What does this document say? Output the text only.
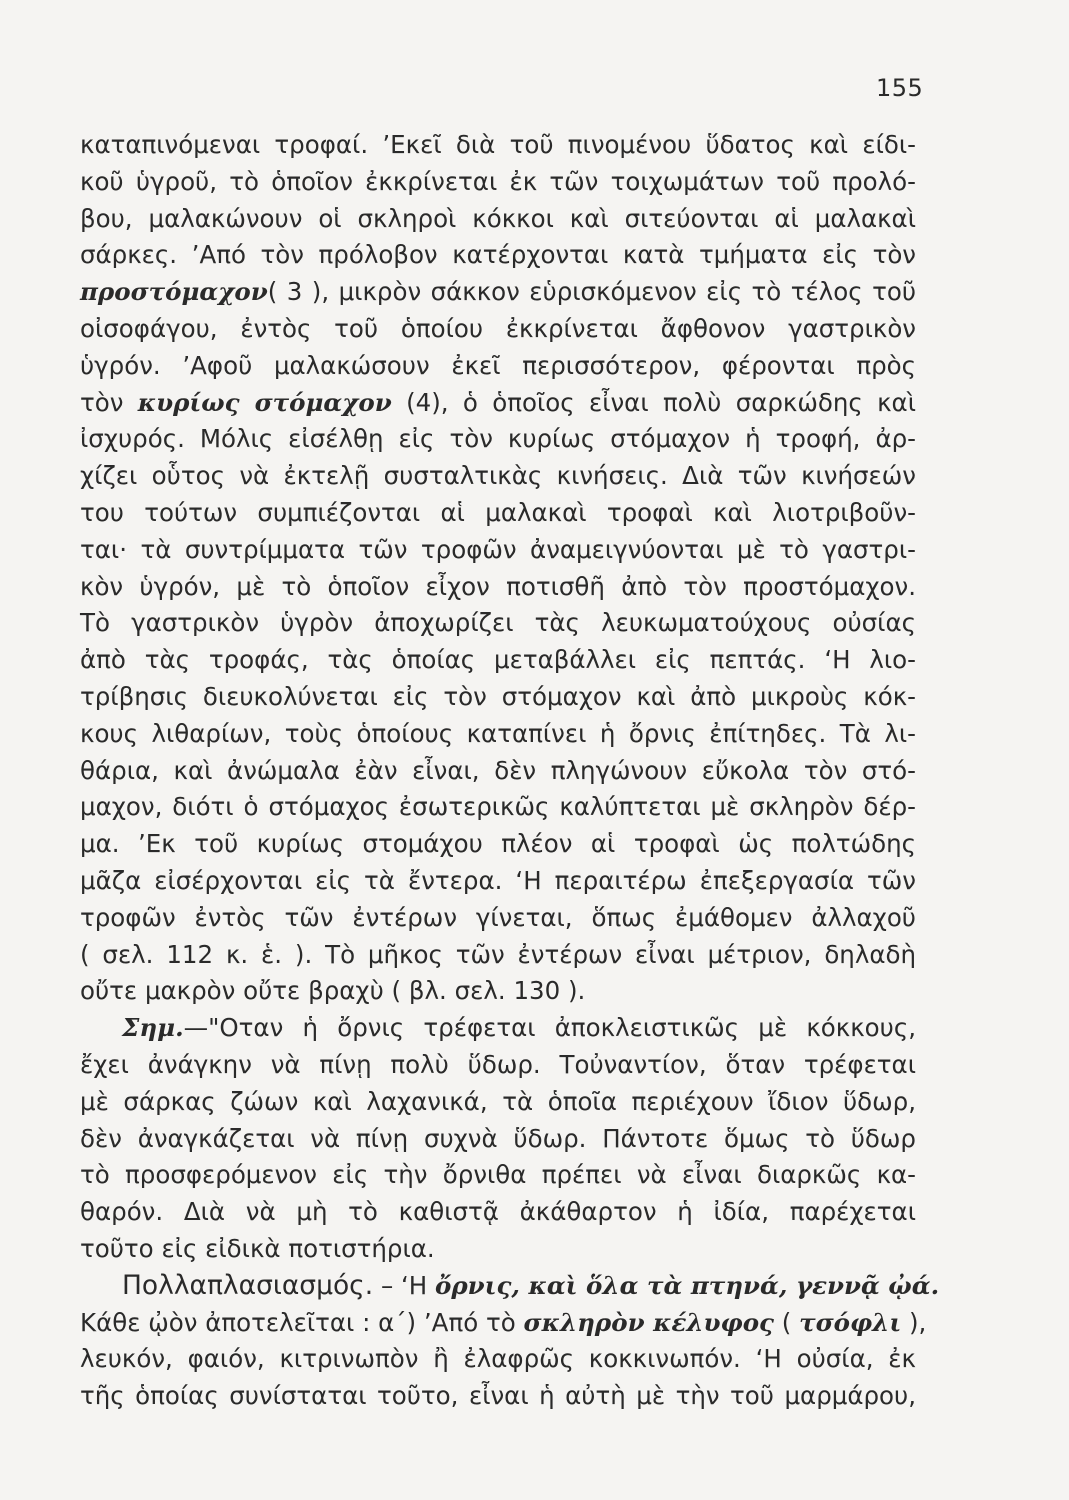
155
καταπινόμεναι τροφαί. ’Εκεῖ διὰ τοῦ πινομένου ὕδατος καὶ είδι-
κοῦ ὑγροῦ, τὸ ὁποῖον ἐκκρίνεται ἐκ τῶν τοιχωμάτων τοῦ προλό-
βου, μαλακώνουν οἱ σκληροὶ κόκκοι καὶ σιτεύονται αἱ μαλακαὶ
σάρκες. ’Από τὸν πρόλοβον κατέρχονται κατὰ τμήματα εἰς τὸν
προστόμαχον( 3 ), μικρὸν σάκκον εὑρισκόμενον εἰς τὸ τέλος τοῦ
οἰσοφάγου, ἐντὸς τοῦ ὁποίου ἐκκρίνεται ἄφθονον γαστρικὸν
ὑγρόν. ’Αφοῦ μαλακώσουν ἐκεῖ περισσότερον, φέρονται πρὸς
τὸν κυρίως στόμαχον (4), ὁ ὁποῖος εἶναι πολὺ σαρκώδης καὶ
ἰσχυρός. Μόλις εἰσέλθῃ εἰς τὸν κυρίως στόμαχον ἡ τροφή, ἀρ-
χίζει οὗτος νὰ ἐκτελῇ συσταλτικὰς κινήσεις. Διὰ τῶν κινήσεών
του τούτων συμπιέζονται αἱ μαλακαὶ τροφαὶ καὶ λιοτριβοῦν-
ται· τὰ συντρίμματα τῶν τροφῶν ἀναμειγνύονται μὲ τὸ γαστρι-
κὸν ὑγρόν, μὲ τὸ ὁποῖον εἶχον ποτισθῆ ἀπὸ τὸν προστόμαχον.
Τὸ γαστρικὸν ὑγρὸν ἀποχωρίζει τὰς λευκωματούχους οὐσίας
ἀπὸ τὰς τροφάς, τὰς ὁποίας μεταβάλλει εἰς πεπτάς. ‘Η λιο-
τρίβησις διευκολύνεται εἰς τὸν στόμαχον καὶ ἀπὸ μικροὺς κόκ-
κους λιθαρίων, τοὺς ὁποίους καταπίνει ἡ ὄρνις ἐπίτηδες. Τὰ λι-
θάρια, καὶ ἀνώμαλα ἐὰν εἶναι, δὲν πληγώνουν εὔκολα τὸν στό-
μαχον, διότι ὁ στόμαχος ἐσωτερικῶς καλύπτεται μὲ σκληρὸν δέρ-
μα. ’Εκ τοῦ κυρίως στομάχου πλέον αἱ τροφαὶ ὡς πολτώδης
μᾶζα εἰσέρχονται εἰς τὰ ἔντερα. ‘Η περαιτέρω ἐπεξεργασία τῶν
τροφῶν ἐντὸς τῶν ἐντέρων γίνεται, ὅπως ἐμάθομεν ἀλλαχοῦ
( σελ. 112 κ. ἑ. ). Τὸ μῆκος τῶν ἐντέρων εἶναι μέτριον, δηλαδὴ
οὔτε μακρὸν οὔτε βραχὺ ( βλ. σελ. 130 ).
Σημ.—"Οταν ἡ ὄρνις τρέφεται ἀποκλειστικῶς μὲ κόκκους,
ἔχει ἀνάγκην νὰ πίνῃ πολὺ ὕδωρ. Τοὐναντίον, ὅταν τρέφεται
μὲ σάρκας ζώων καὶ λαχανικά, τὰ ὁποῖα περιέχουν ἴδιον ὕδωρ,
δὲν ἀναγκάζεται νὰ πίνῃ συχνὰ ὕδωρ. Πάντοτε ὅμως τὸ ὕδωρ
τὸ προσφερόμενον εἰς τὴν ὄρνιθα πρέπει νὰ εἶναι διαρκῶς κα-
θαρόν. Διὰ νὰ μὴ τὸ καθιστᾷ ἀκάθαρτον ἡ ἰδία, παρέχεται
τοῦτο εἰς εἰδικὰ ποτιστήρια.
Πολλαπλασιασμός. – ‘Η ὄρνις, καὶ ὅλα τὰ πτηνά, γεννᾷ ᾠά.
Κάθε ᾠὸν ἀποτελεῖται : α΄) ’Από τὸ σκληρὸν κέλυφος ( τσόφλι ),
λευκόν, φαιόν, κιτρινωπὸν ἢ ἐλαφρῶς κοκκινωπόν. ‘Η οὐσία, ἐκ
τῆς ὁποίας συνίσταται τοῦτο, εἶναι ἡ αὐτὴ μὲ τὴν τοῦ μαρμάρου,
